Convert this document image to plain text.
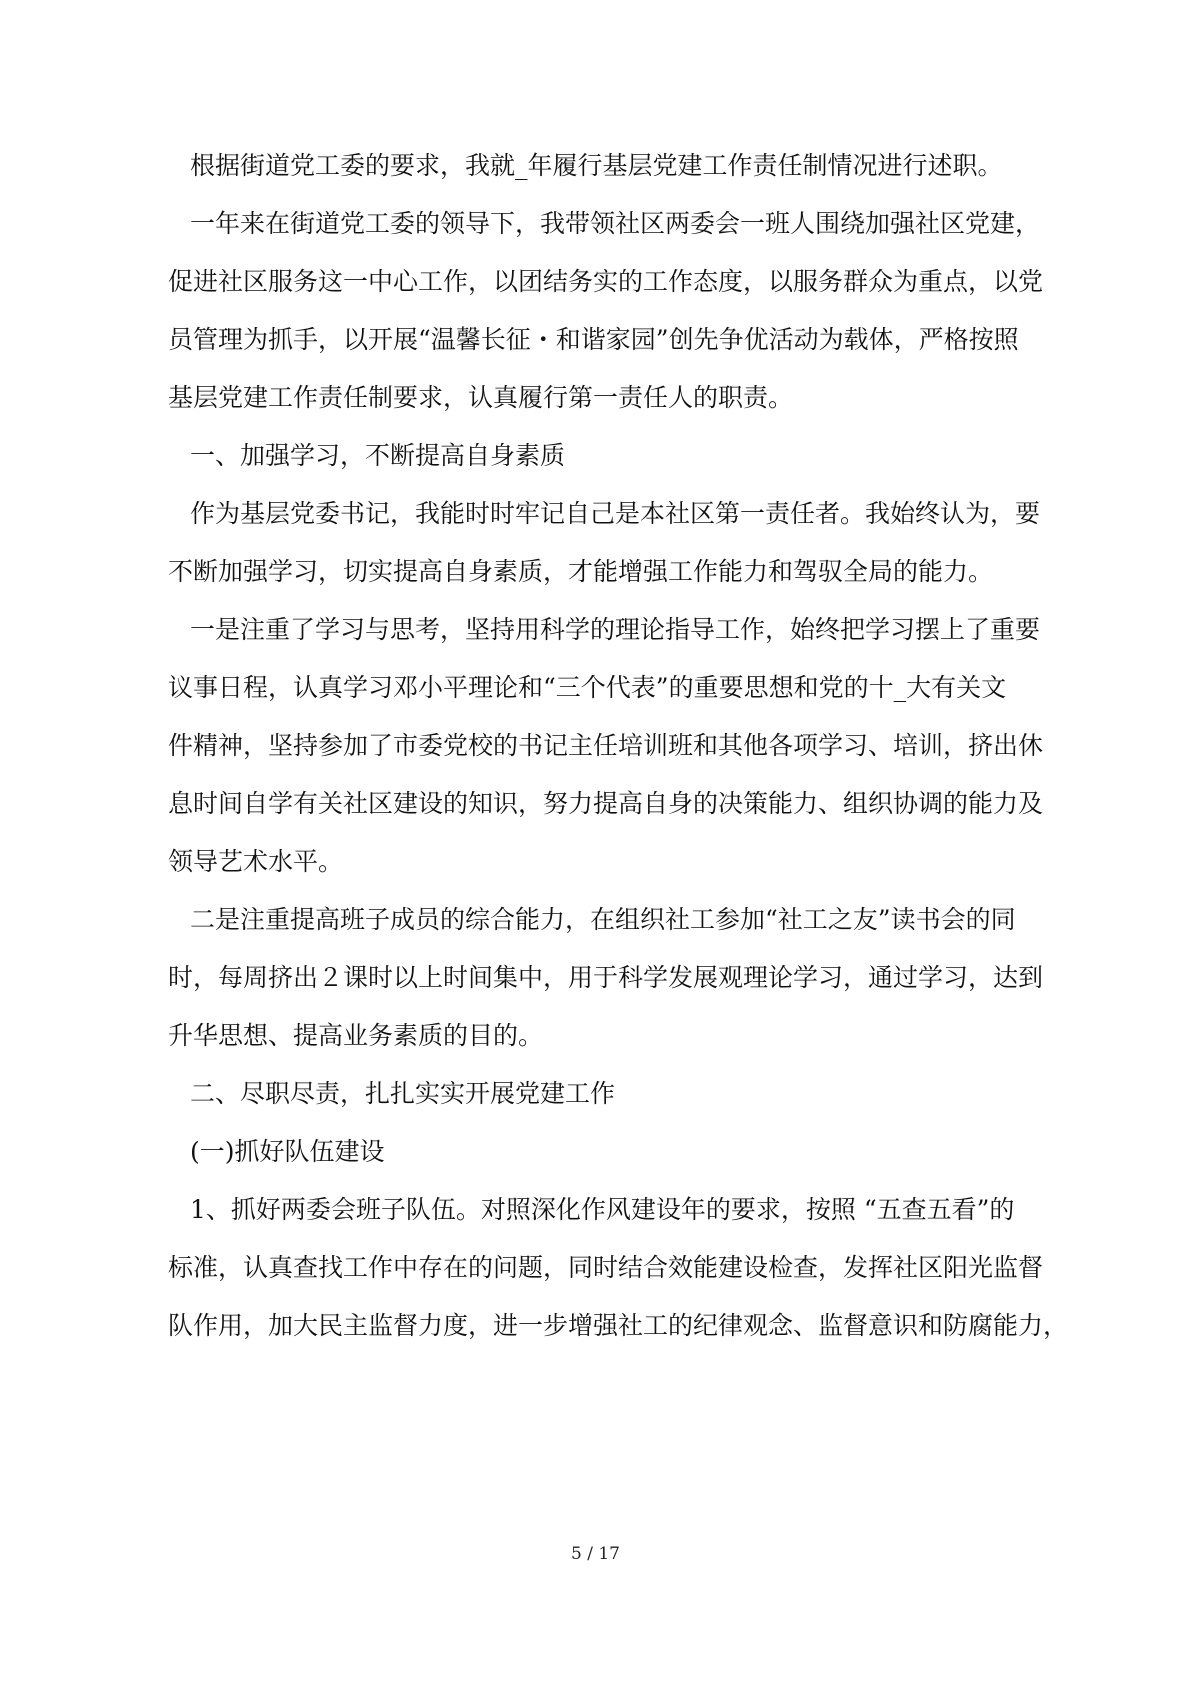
根据街道党工委的要求，我就_年履行基层党建工作责任制情况进行述职。
一年来在街道党工委的领导下，我带领社区两委会一班人围绕加强社区党建，
促进社区服务这一中心工作，以团结务实的工作态度，以服务群众为重点，以党
员管理为抓手，以开展“温馨长征・和谐家园”创先争优活动为载体，严格按照
基层党建工作责任制要求，认真履行第一责任人的职责。
一、加强学习，不断提高自身素质
作为基层党委书记，我能时时牢记自己是本社区第一责任者。我始终认为，要
不断加强学习，切实提高自身素质，才能增强工作能力和驾驭全局的能力。
一是注重了学习与思考，坚持用科学的理论指导工作，始终把学习摆上了重要
议事日程，认真学习邓小平理论和“三个代表”的重要思想和党的十_大有关文
件精神，坚持参加了市委党校的书记主任培训班和其他各项学习、培训，挤出休
息时间自学有关社区建设的知识，努力提高自身的决策能力、组织协调的能力及
领导艺术水平。
二是注重提高班子成员的综合能力，在组织社工参加“社工之友”读书会的同
时，每周挤出２课时以上时间集中，用于科学发展观理论学习，通过学习，达到
升华思想、提高业务素质的目的。
二、尽职尽责，扎扎实实开展党建工作
(一)抓好队伍建设
1、抓好两委会班子队伍。对照深化作风建设年的要求，按照 “五查五看”的
标准，认真查找工作中存在的问题，同时结合效能建设检查，发挥社区阳光监督
队作用，加大民主监督力度，进一步增强社工的纪律观念、监督意识和防腐能力，
5 / 17
